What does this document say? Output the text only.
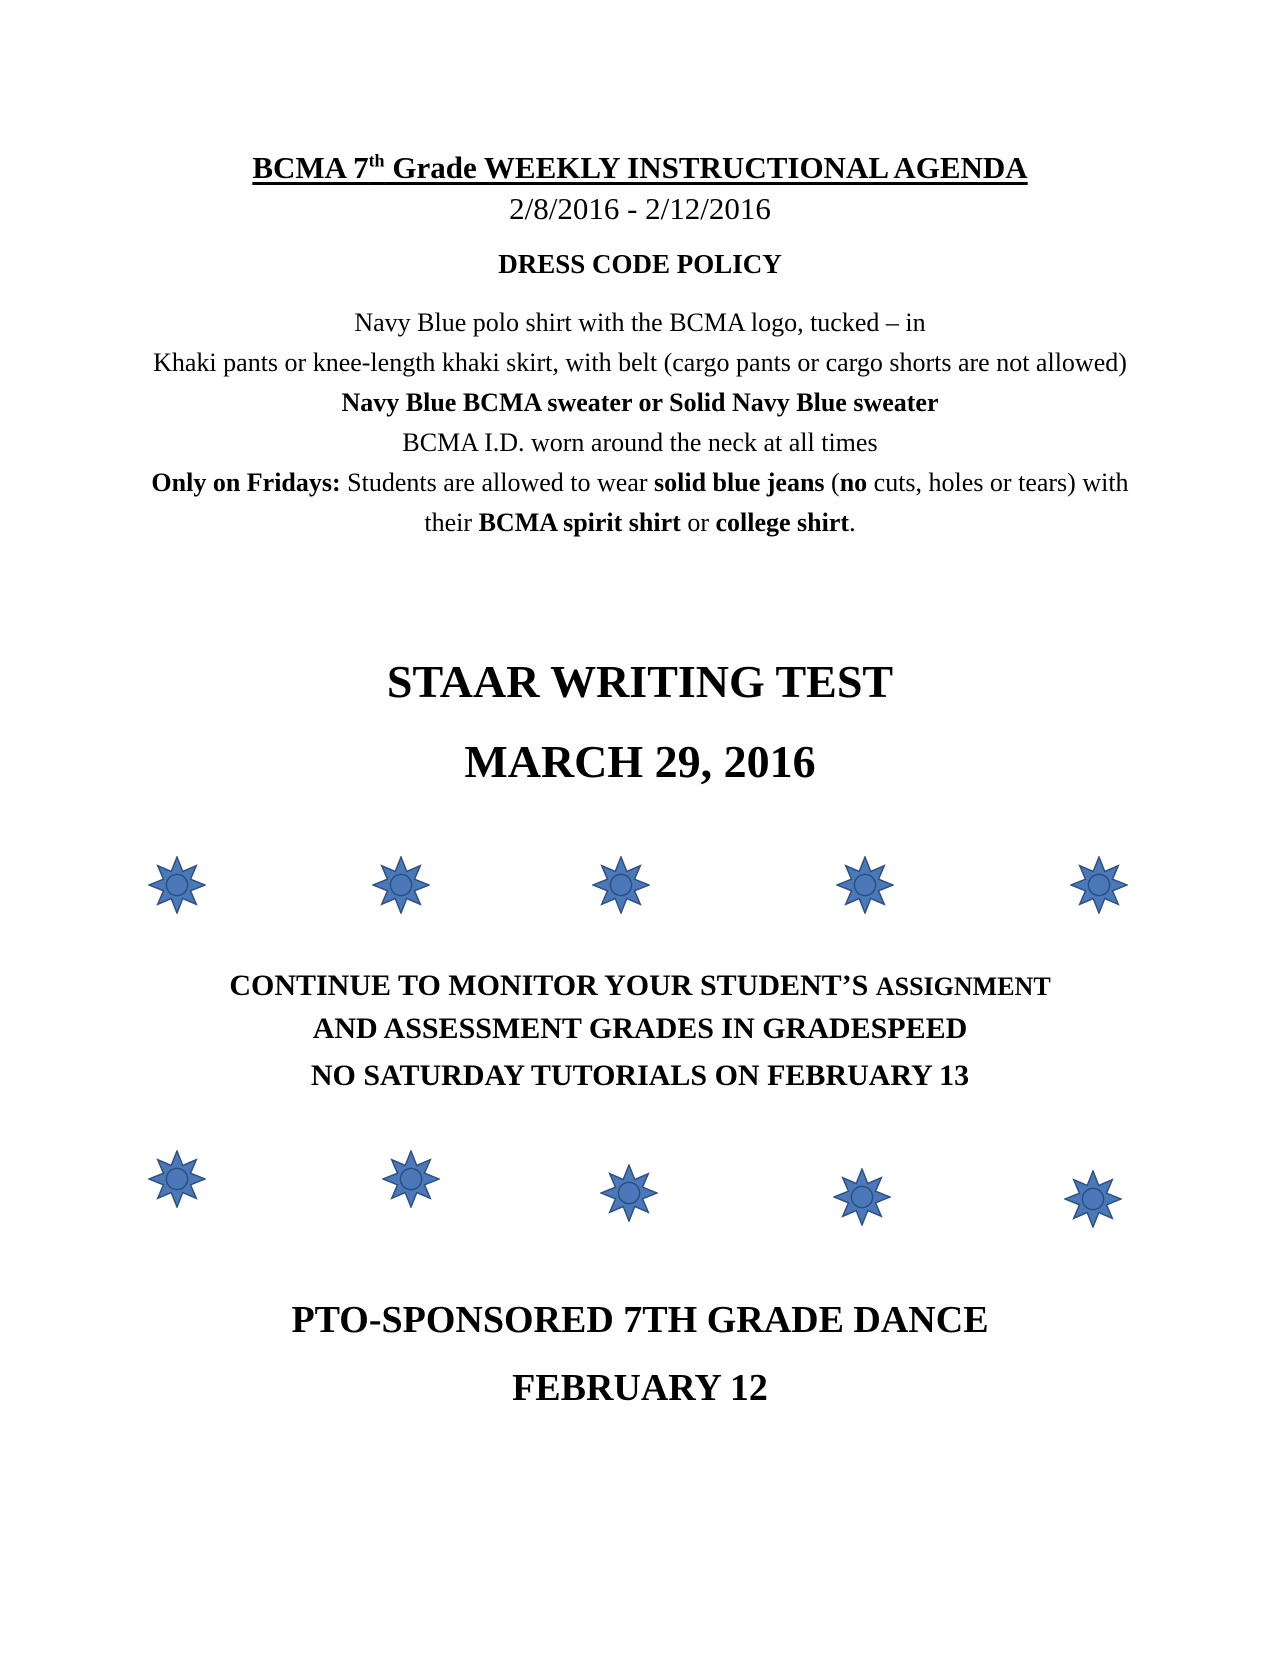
BCMA 7th Grade WEEKLY INSTRUCTIONAL AGENDA
2/8/2016 - 2/12/2016
DRESS CODE POLICY
Navy Blue polo shirt with the BCMA logo, tucked – in
Khaki pants or knee-length khaki skirt, with belt (cargo pants or cargo shorts are not allowed)
Navy Blue BCMA sweater or Solid Navy Blue sweater
BCMA I.D. worn around the neck at all times
Only on Fridays: Students are allowed to wear solid blue jeans (no cuts, holes or tears) with their BCMA spirit shirt or college shirt.
STAAR WRITING TEST
MARCH 29, 2016
CONTINUE TO MONITOR YOUR STUDENT’S ASSIGNMENT
AND ASSESSMENT GRADES IN GRADESPEED
NO SATURDAY TUTORIALS ON FEBRUARY 13
PTO-SPONSORED 7TH GRADE DANCE
FEBRUARY 12
